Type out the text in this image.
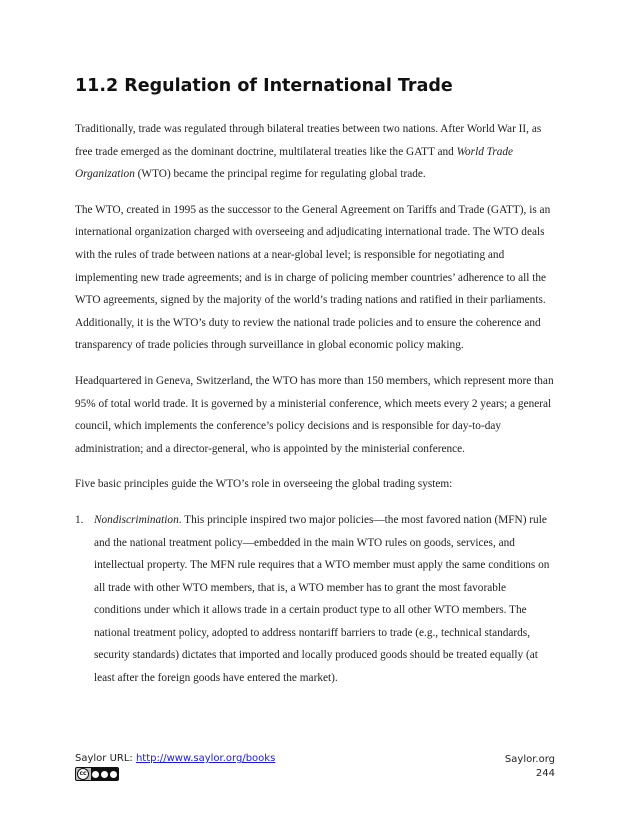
11.2 Regulation of International Trade

Traditionally, trade was regulated through bilateral treaties between two nations. After World War II, as free trade emerged as the dominant doctrine, multilateral treaties like the GATT and World Trade Organization (WTO) became the principal regime for regulating global trade.

The WTO, created in 1995 as the successor to the General Agreement on Tariffs and Trade (GATT), is an international organization charged with overseeing and adjudicating international trade. The WTO deals with the rules of trade between nations at a near-global level; is responsible for negotiating and implementing new trade agreements; and is in charge of policing member countries’ adherence to all the WTO agreements, signed by the majority of the world’s trading nations and ratified in their parliaments. Additionally, it is the WTO’s duty to review the national trade policies and to ensure the coherence and transparency of trade policies through surveillance in global economic policy making.

Headquartered in Geneva, Switzerland, the WTO has more than 150 members, which represent more than 95% of total world trade. It is governed by a ministerial conference, which meets every 2 years; a general council, which implements the conference’s policy decisions and is responsible for day-to-day administration; and a director-general, who is appointed by the ministerial conference.

Five basic principles guide the WTO’s role in overseeing the global trading system:

1. Nondiscrimination. This principle inspired two major policies—the most favored nation (MFN) rule and the national treatment policy—embedded in the main WTO rules on goods, services, and intellectual property. The MFN rule requires that a WTO member must apply the same conditions on all trade with other WTO members, that is, a WTO member has to grant the most favorable conditions under which it allows trade in a certain product type to all other WTO members. The national treatment policy, adopted to address nontariff barriers to trade (e.g., technical standards, security standards) dictates that imported and locally produced goods should be treated equally (at least after the foreign goods have entered the market).
Saylor URL: http://www.saylor.org/books
cc
Saylor.org
244
